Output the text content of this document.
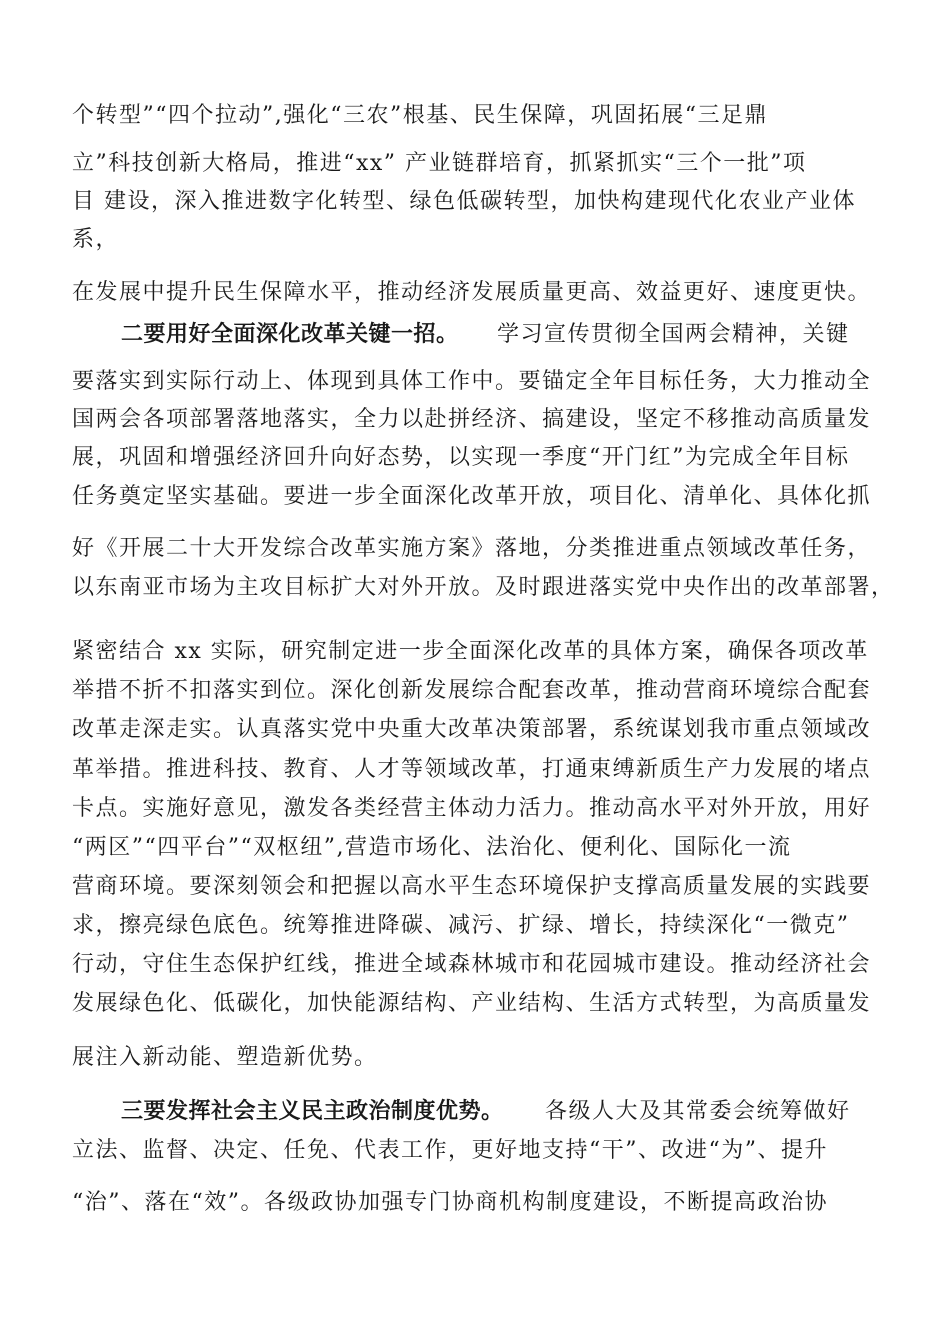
个转型”“四个拉动”,强化“三农”根基、民生保障，巩固拓展“三足鼎
立”科技创新大格局，推进“xx” 产业链群培育，抓紧抓实“三个一批”项
目 建设，深入推进数字化转型、绿色低碳转型，加快构建现代化农业产业体
系，
在发展中提升民生保障水平，推动经济发展质量更高、效益更好、速度更快。
二要用好全面深化改革关键一招。 学习宣传贯彻全国两会精神，关键
要落实到实际行动上、体现到具体工作中。要锚定全年目标任务，大力推动全
国两会各项部署落地落实，全力以赴拼经济、搞建设，坚定不移推动高质量发
展，巩固和增强经济回升向好态势，以实现一季度“开门红”为完成全年目标
任务奠定坚实基础。要进一步全面深化改革开放，项目化、清单化、具体化抓
好《开展二十大开发综合改革实施方案》落地，分类推进重点领域改革任务，
以东南亚市场为主攻目标扩大对外开放。及时跟进落实党中央作出的改革部署，
紧密结合 xx 实际，研究制定进一步全面深化改革的具体方案，确保各项改革
举措不折不扣落实到位。深化创新发展综合配套改革，推动营商环境综合配套
改革走深走实。认真落实党中央重大改革决策部署，系统谋划我市重点领域改
革举措。推进科技、教育、人才等领域改革，打通束缚新质生产力发展的堵点
卡点。实施好意见，激发各类经营主体动力活力。推动高水平对外开放，用好
“两区”“四平台”“双枢纽”,营造市场化、法治化、便利化、国际化一流
营商环境。要深刻领会和把握以高水平生态环境保护支撑高质量发展的实践要
求，擦亮绿色底色。统筹推进降碳、减污、扩绿、增长，持续深化“一微克”
行动，守住生态保护红线，推进全域森林城市和花园城市建设。推动经济社会
发展绿色化、低碳化，加快能源结构、产业结构、生活方式转型，为高质量发
展注入新动能、塑造新优势。
三要发挥社会主义民主政治制度优势。 各级人大及其常委会统筹做好
立法、监督、决定、任免、代表工作，更好地支持“干”、改进“为”、提升
“治”、落在“效”。各级政协加强专门协商机构制度建设，不断提高政治协
